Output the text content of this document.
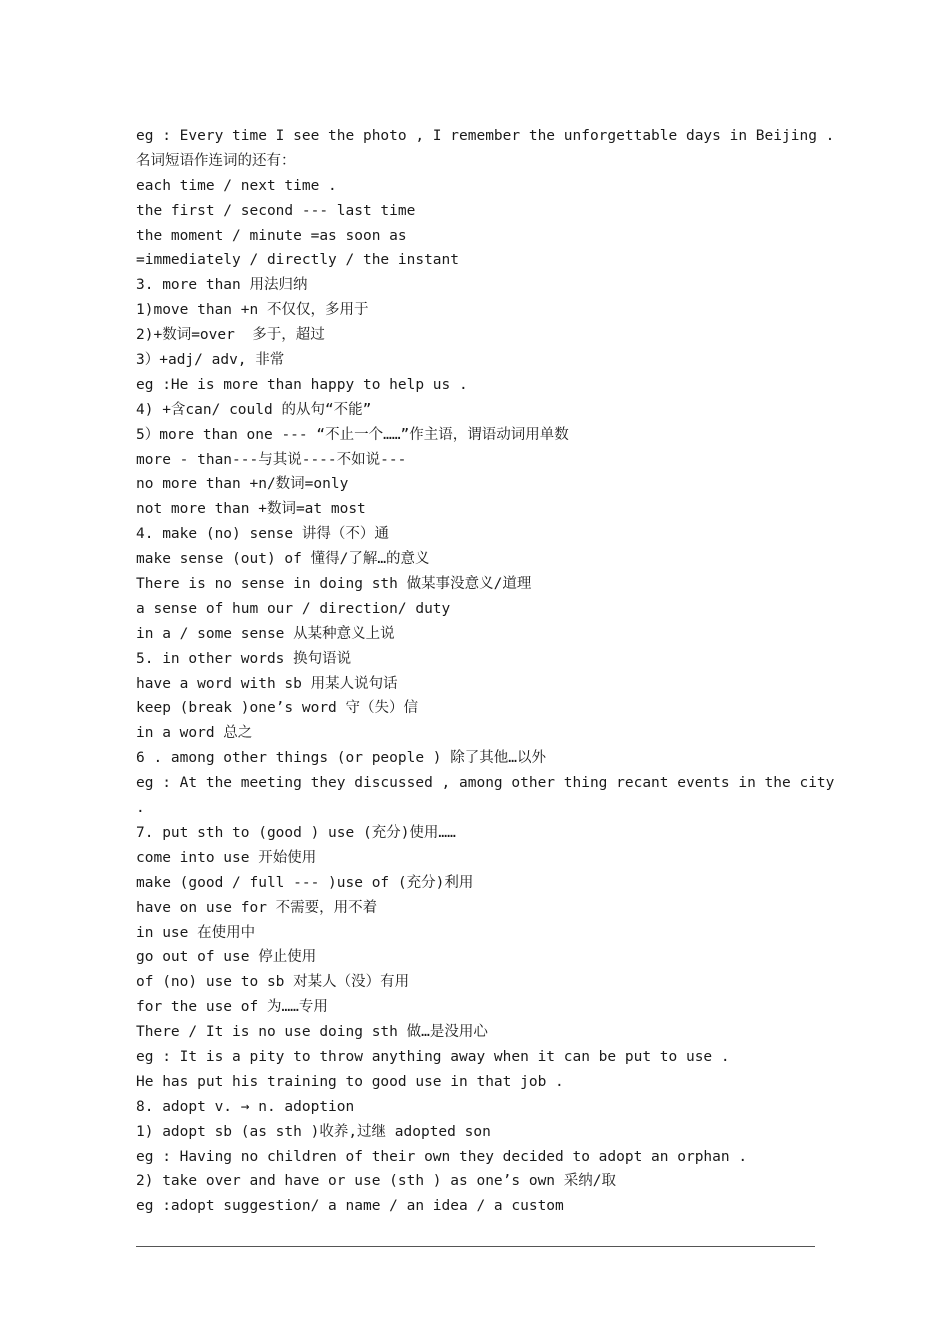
eg : Every time I see the photo , I remember the unforgettable days in Beijing .
名词短语作连词的还有：
each time / next time .
the first / second --- last time
the moment / minute =as soon as
=immediately / directly / the instant
3. more than 用法归纳
1)move than +n 不仅仅，多用于
2)+数词=over  多于，超过
3）+adj/ adv, 非常
eg :He is more than happy to help us .
4) +含can/ could 的从句“不能”
5）more than one --- “不止一个……”作主语，谓语动词用单数
more - than---与其说----不如说---
no more than +n/数词=only
not more than +数词=at most
4. make (no) sense 讲得（不）通
make sense (out) of 懂得/了解…的意义
There is no sense in doing sth 做某事没意义/道理
a sense of hum our / direction/ duty
in a / some sense 从某种意义上说
5. in other words 换句语说
have a word with sb 用某人说句话
keep (break )one’s word 守（失）信
in a word 总之
6 . among other things (or people ) 除了其他…以外
eg : At the meeting they discussed , among other thing recant events in the city
.
7. put sth to (good ) use (充分)使用……
come into use 开始使用
make (good / full --- )use of (充分)利用
have on use for 不需要，用不着
in use 在使用中
go out of use 停止使用
of (no) use to sb 对某人（没）有用
for the use of 为……专用
There / It is no use doing sth 做…是没用心
eg : It is a pity to throw anything away when it can be put to use .
He has put his training to good use in that job .
8. adopt v. → n. adoption
1) adopt sb (as sth )收养,过继 adopted son
eg : Having no children of their own they decided to adopt an orphan .
2) take over and have or use (sth ) as one’s own 采纳/取
eg :adopt suggestion/ a name / an idea / a custom
